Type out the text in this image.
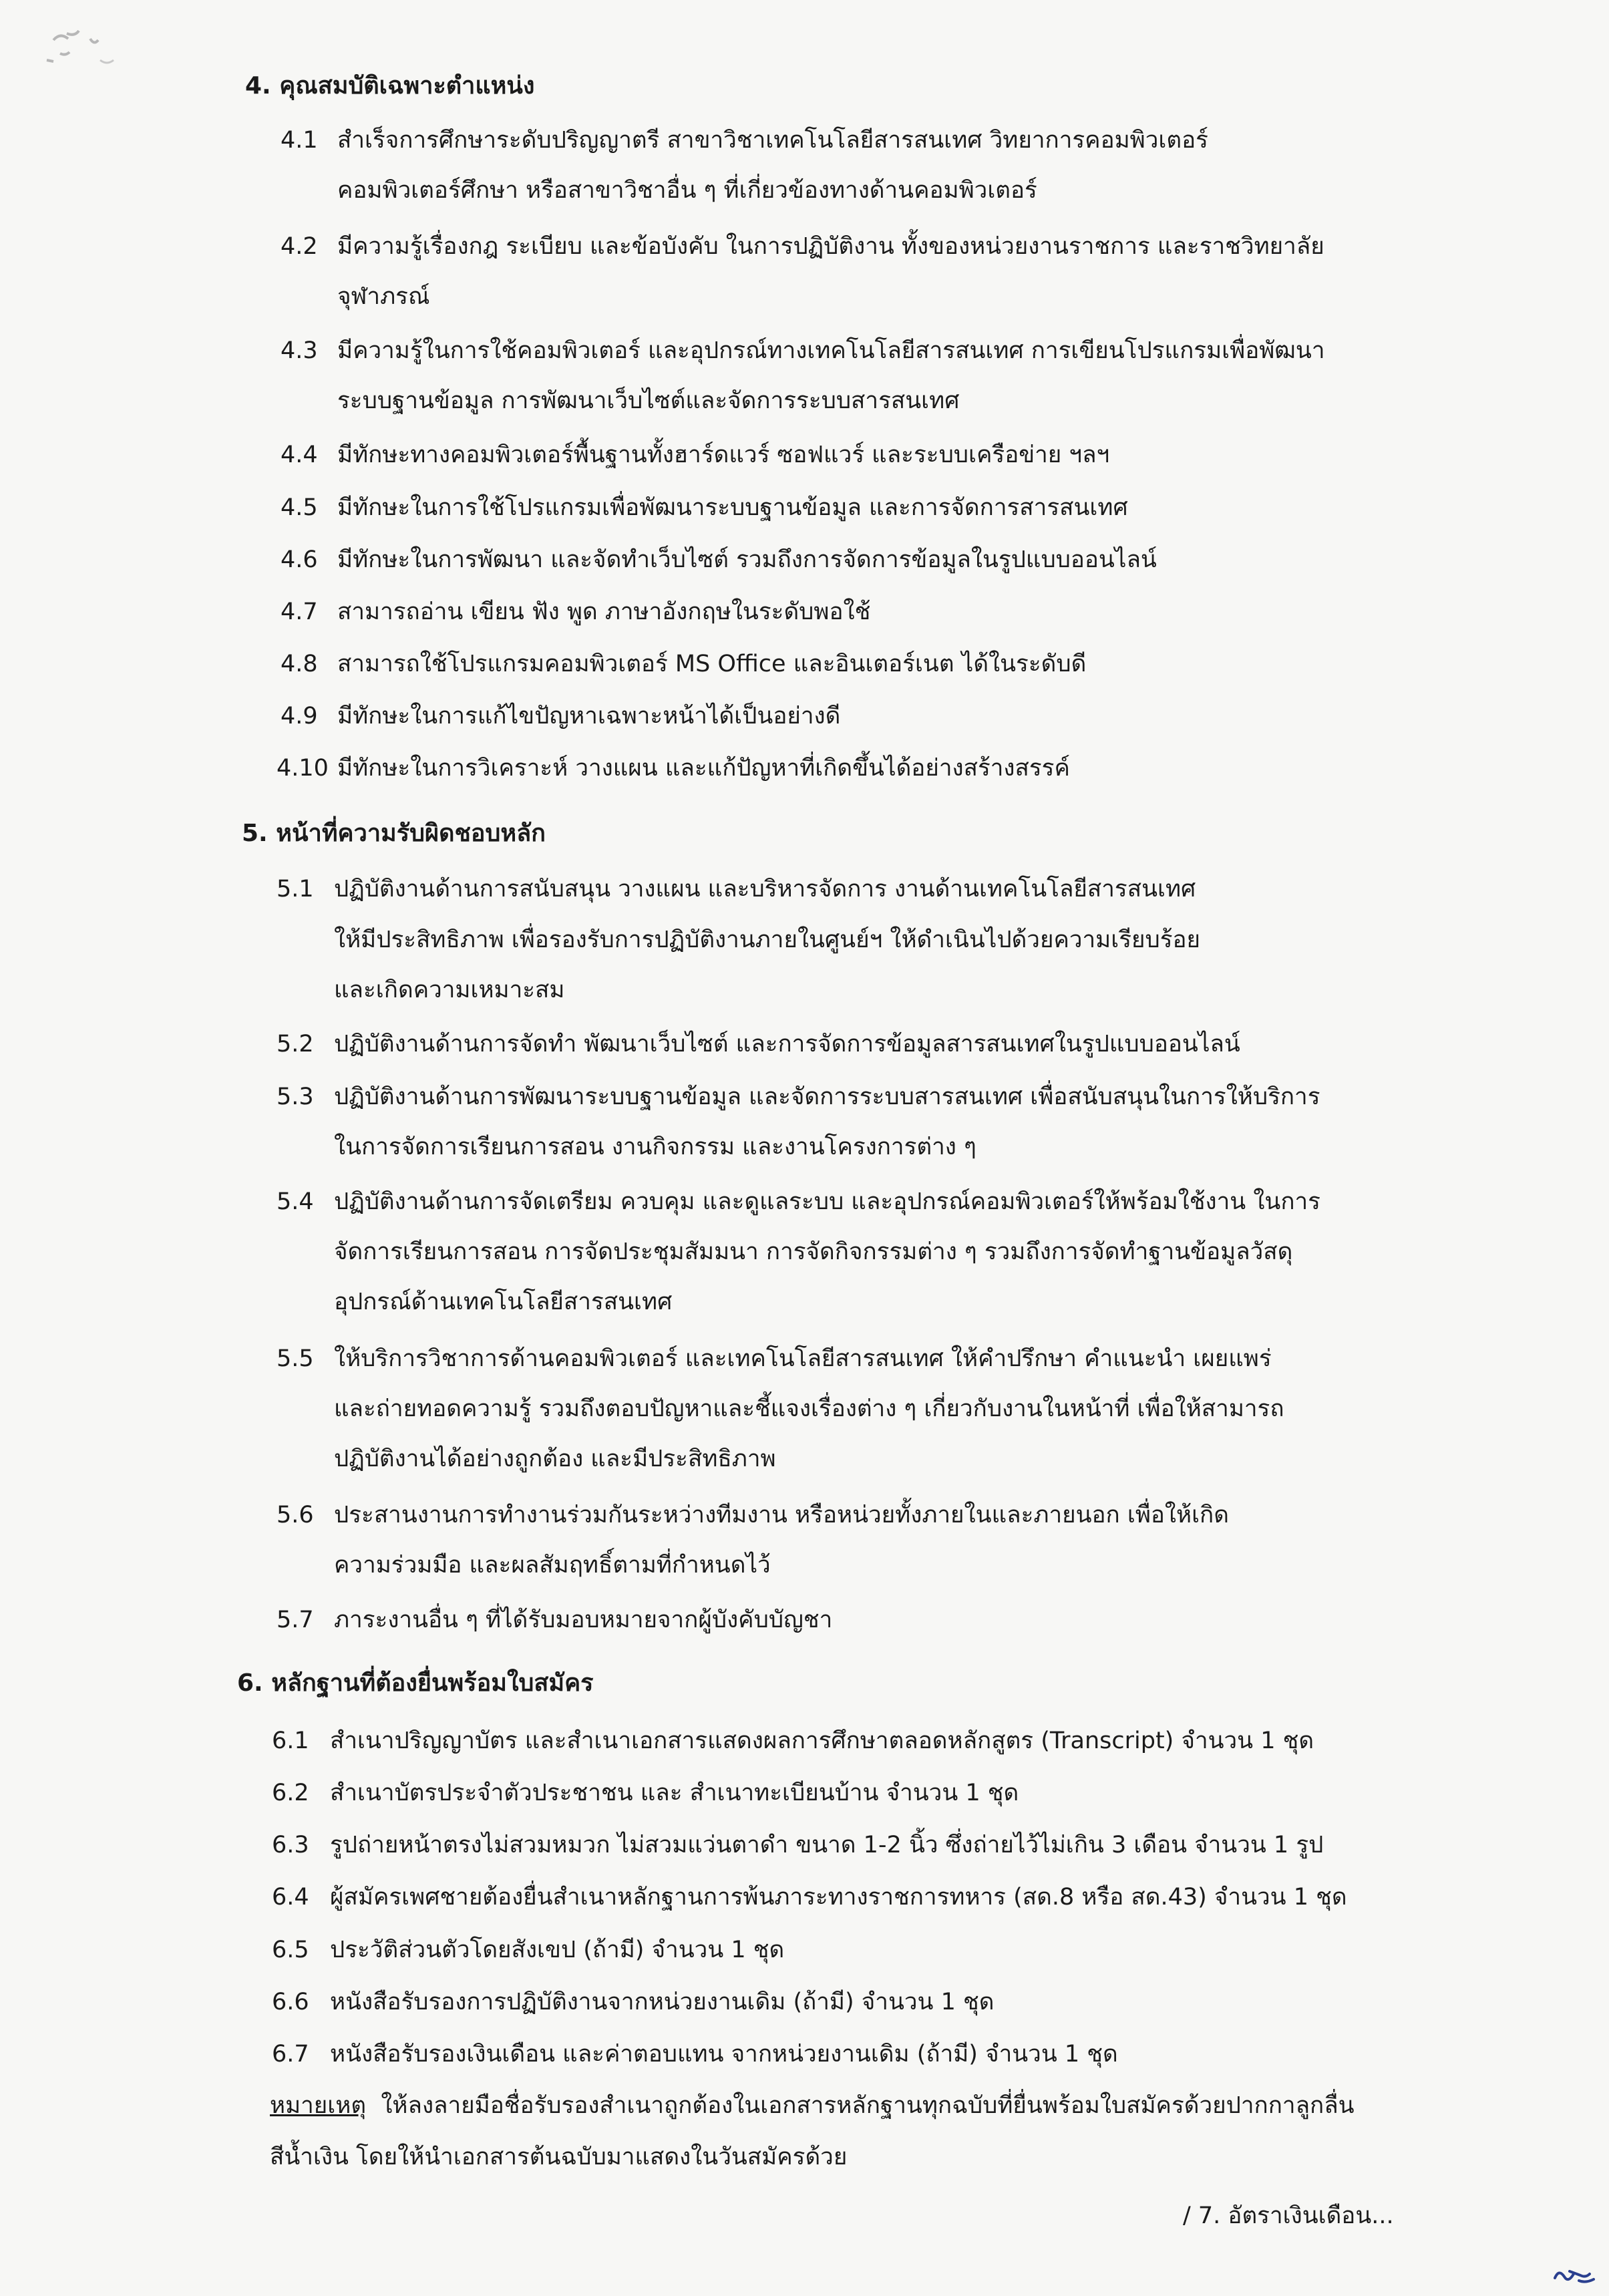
4. คุณสมบัติเฉพาะตำแหน่ง
4.1 สำเร็จการศึกษาระดับปริญญาตรี สาขาวิชาเทคโนโลยีสารสนเทศ วิทยาการคอมพิวเตอร์
คอมพิวเตอร์ศึกษา หรือสาขาวิชาอื่น ๆ ที่เกี่ยวข้องทางด้านคอมพิวเตอร์
4.2 มีความรู้เรื่องกฎ ระเบียบ และข้อบังคับ ในการปฏิบัติงาน ทั้งของหน่วยงานราชการ และราชวิทยาลัย
จุฬาภรณ์
4.3 มีความรู้ในการใช้คอมพิวเตอร์ และอุปกรณ์ทางเทคโนโลยีสารสนเทศ การเขียนโปรแกรมเพื่อพัฒนา
ระบบฐานข้อมูล การพัฒนาเว็บไซต์และจัดการระบบสารสนเทศ
4.4 มีทักษะทางคอมพิวเตอร์พื้นฐานทั้งฮาร์ดแวร์ ซอฟแวร์ และระบบเครือข่าย ฯลฯ
4.5 มีทักษะในการใช้โปรแกรมเพื่อพัฒนาระบบฐานข้อมูล และการจัดการสารสนเทศ
4.6 มีทักษะในการพัฒนา และจัดทำเว็บไซต์ รวมถึงการจัดการข้อมูลในรูปแบบออนไลน์
4.7 สามารถอ่าน เขียน ฟัง พูด ภาษาอังกฤษในระดับพอใช้
4.8 สามารถใช้โปรแกรมคอมพิวเตอร์ MS Office และอินเตอร์เนต ได้ในระดับดี
4.9 มีทักษะในการแก้ไขปัญหาเฉพาะหน้าได้เป็นอย่างดี
4.10 มีทักษะในการวิเคราะห์ วางแผน และแก้ปัญหาที่เกิดขึ้นได้อย่างสร้างสรรค์
5. หน้าที่ความรับผิดชอบหลัก
5.1 ปฏิบัติงานด้านการสนับสนุน วางแผน และบริหารจัดการ งานด้านเทคโนโลยีสารสนเทศ
ให้มีประสิทธิภาพ เพื่อรองรับการปฏิบัติงานภายในศูนย์ฯ ให้ดำเนินไปด้วยความเรียบร้อย
และเกิดความเหมาะสม
5.2 ปฏิบัติงานด้านการจัดทำ พัฒนาเว็บไซต์ และการจัดการข้อมูลสารสนเทศในรูปแบบออนไลน์
5.3 ปฏิบัติงานด้านการพัฒนาระบบฐานข้อมูล และจัดการระบบสารสนเทศ เพื่อสนับสนุนในการให้บริการ
ในการจัดการเรียนการสอน งานกิจกรรม และงานโครงการต่าง ๆ
5.4 ปฏิบัติงานด้านการจัดเตรียม ควบคุม และดูแลระบบ และอุปกรณ์คอมพิวเตอร์ให้พร้อมใช้งาน ในการ
จัดการเรียนการสอน การจัดประชุมสัมมนา การจัดกิจกรรมต่าง ๆ รวมถึงการจัดทำฐานข้อมูลวัสดุ
อุปกรณ์ด้านเทคโนโลยีสารสนเทศ
5.5 ให้บริการวิชาการด้านคอมพิวเตอร์ และเทคโนโลยีสารสนเทศ ให้คำปรึกษา คำแนะนำ เผยแพร่
และถ่ายทอดความรู้ รวมถึงตอบปัญหาและชี้แจงเรื่องต่าง ๆ เกี่ยวกับงานในหน้าที่ เพื่อให้สามารถ
ปฏิบัติงานได้อย่างถูกต้อง และมีประสิทธิภาพ
5.6 ประสานงานการทำงานร่วมกันระหว่างทีมงาน หรือหน่วยทั้งภายในและภายนอก เพื่อให้เกิด
ความร่วมมือ และผลสัมฤทธิ์ตามที่กำหนดไว้
5.7 ภาระงานอื่น ๆ ที่ได้รับมอบหมายจากผู้บังคับบัญชา
6. หลักฐานที่ต้องยื่นพร้อมใบสมัคร
6.1 สำเนาปริญญาบัตร และสำเนาเอกสารแสดงผลการศึกษาตลอดหลักสูตร (Transcript) จำนวน 1 ชุด
6.2 สำเนาบัตรประจำตัวประชาชน และ สำเนาทะเบียนบ้าน จำนวน 1 ชุด
6.3 รูปถ่ายหน้าตรงไม่สวมหมวก ไม่สวมแว่นตาดำ ขนาด 1-2 นิ้ว ซึ่งถ่ายไว้ไม่เกิน 3 เดือน จำนวน 1 รูป
6.4 ผู้สมัครเพศชายต้องยื่นสำเนาหลักฐานการพ้นภาระทางราชการทหาร (สด.8 หรือ สด.43) จำนวน 1 ชุด
6.5 ประวัติส่วนตัวโดยสังเขป (ถ้ามี) จำนวน 1 ชุด
6.6 หนังสือรับรองการปฏิบัติงานจากหน่วยงานเดิม (ถ้ามี) จำนวน 1 ชุด
6.7 หนังสือรับรองเงินเดือน และค่าตอบแทน จากหน่วยงานเดิม (ถ้ามี) จำนวน 1 ชุด
หมายเหตุ  ให้ลงลายมือชื่อรับรองสำเนาถูกต้องในเอกสารหลักฐานทุกฉบับที่ยื่นพร้อมใบสมัครด้วยปากกาลูกลื่น
สีน้ำเงิน โดยให้นำเอกสารต้นฉบับมาแสดงในวันสมัครด้วย
/ 7. อัตราเงินเดือน...
